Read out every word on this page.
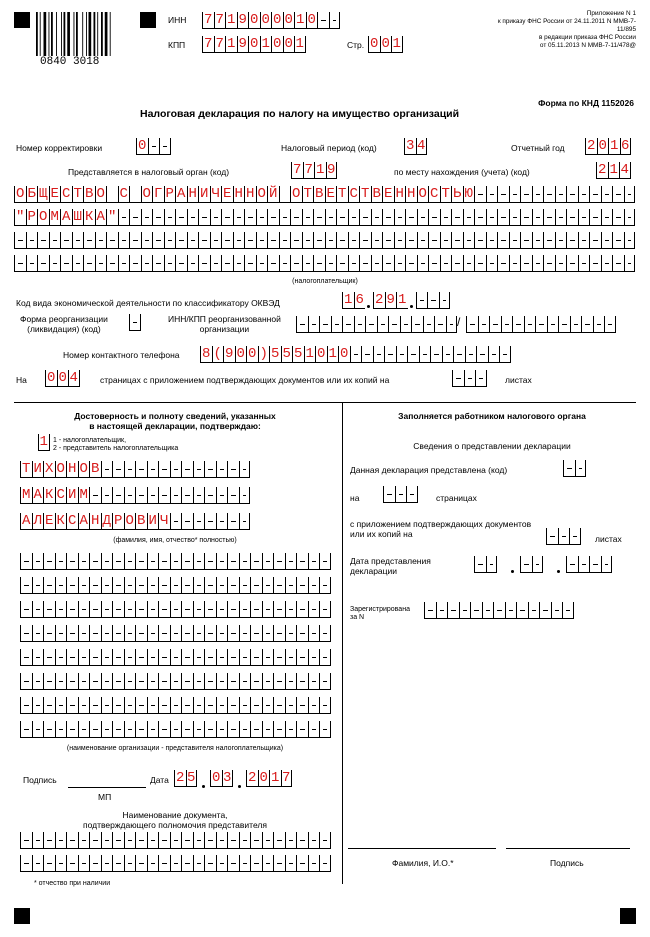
0840 3018
ИНН 7 7 1 9 0 0 0 0 1 0
КПП 7 7 1 9 0 1 0 0 1	Стр. 0 0 1
Приложение N 1
к приказу ФНС России от 24.11.2011 N ММВ-7-11/895
в редакции приказа ФНС России
от 05.11.2013 N ММВ-7-11/478@
Форма по КНД 1152026
Налоговая декларация по налогу на имущество организаций
Номер корректировки	0	Налоговый период (код) 3 4	Отчетный год 2 0 1 6
Представляется в налоговый орган (код)	7 7 1 9	по месту нахождения (учета) (код)	2 1 4
О Б Щ Е С Т В О С О Г Р А Н И Ч Е Н Н О Й О Т В Е Т С Т В Е Н Н О С Т Ь Ю
" Р О М А Ш К А "
(налогоплательщик)
Код вида экономической деятельности по классификатору ОКВЭД	1 6 2 9 1
Форма реорганизации
(ликвидация) (код)
ИНН/КПП реорганизованной
организации	/
Номер контактного телефона 8 ( 9 0 0 ) 5 5 5 1 0 1 0
На 0 0 4	страницах с приложением подтверждающих документов или их копий на	листах
Достоверность и полноту сведений, указанных
в настоящей декларации, подтверждаю:
1 1 - налогоплательщик,
2 - представитель налогоплательщика
Т И Х О Н О В
М А К С И М
А Л Е К С А Н Д Р О В И Ч
(фамилия, имя, отчество* полностью)
(наименование организации - представителя налогоплательщика)
Подпись	Дата 2 5 0 3 2 0 1 7
МП
Наименование документа,
подтверждающего полномочия представителя
* отчество при наличии
Заполняется работником налогового органа
Сведения о представлении декларации
Данная декларация представлена (код)
на	страницах
с приложением подтверждающих документов
или их копий на	листах
Дата представления
декларации
Зарегистрирована
за N
Фамилия, И.О.*	Подпись
